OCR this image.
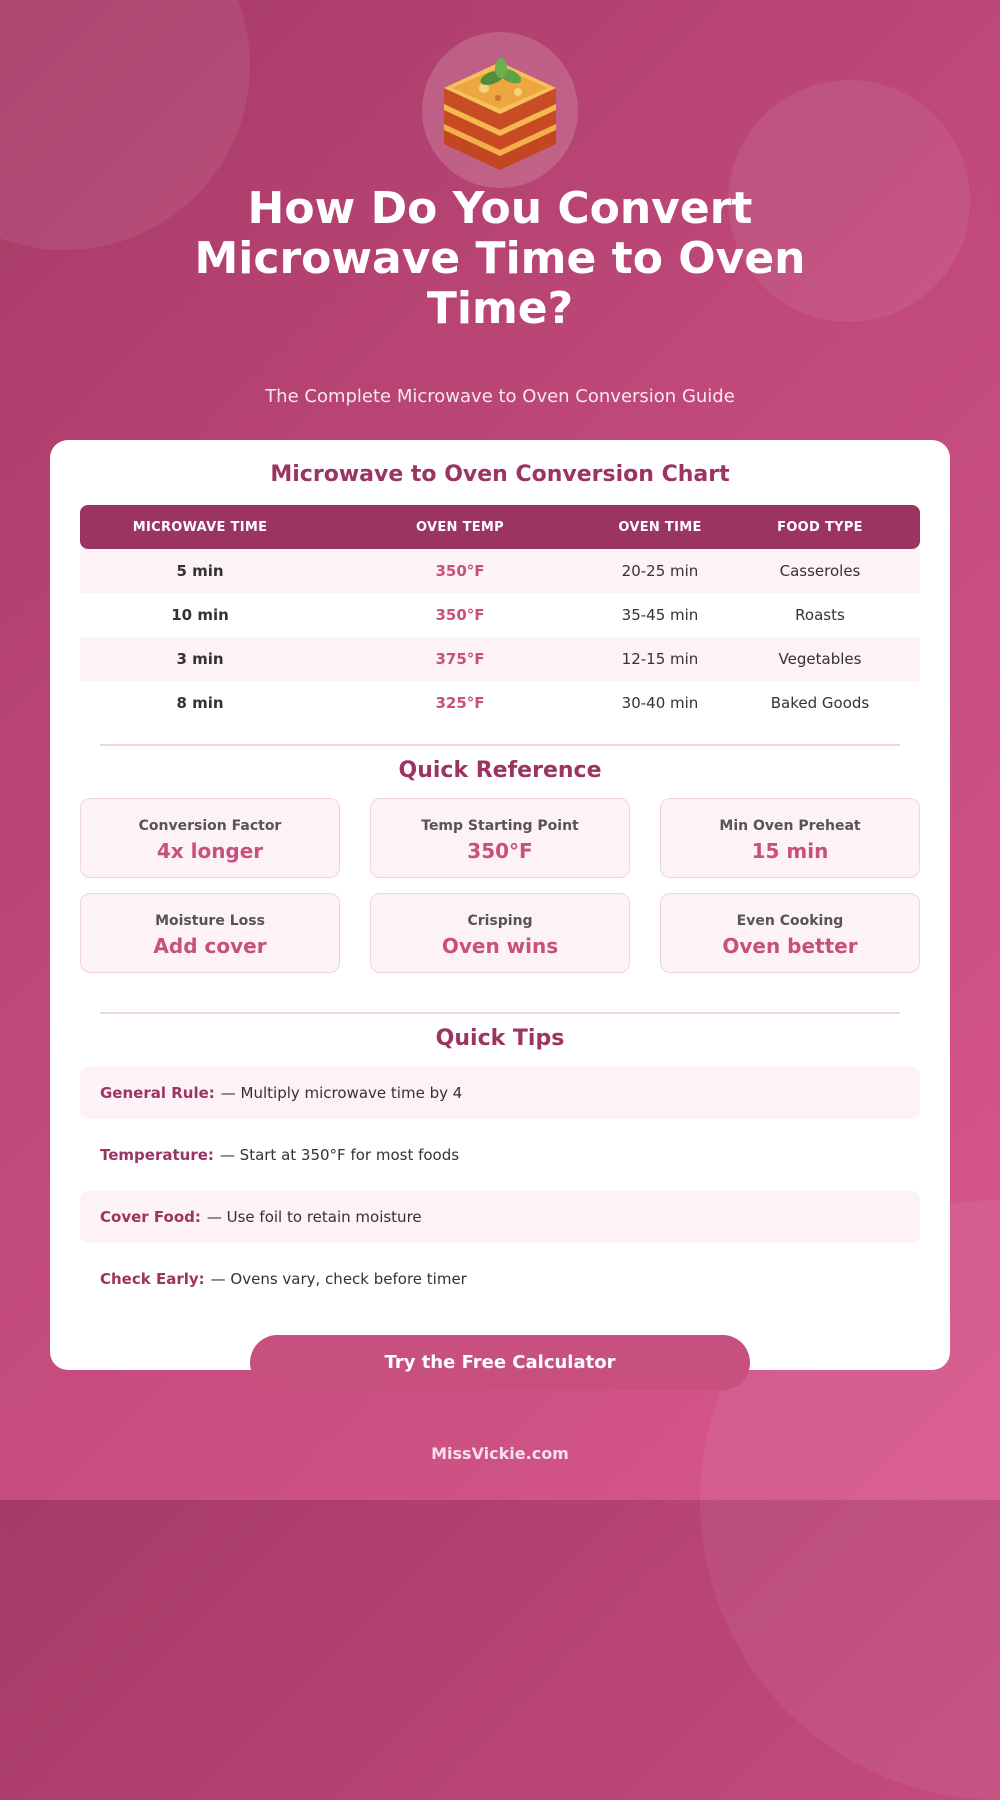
How Do You Convert Microwave Time to Oven Time?
The Complete Microwave to Oven Conversion Guide
Microwave to Oven Conversion Chart
MICROWAVE TIME	OVEN TEMP	OVEN TIME	FOOD TYPE
5 min	350°F	20-25 min	Casseroles
10 min	350°F	35-45 min	Roasts
3 min	375°F	12-15 min	Vegetables
8 min	325°F	30-40 min	Baked Goods
Quick Reference
Conversion Factor
4x longer
Temp Starting Point
350°F
Min Oven Preheat
15 min
Moisture Loss
Add cover
Crisping
Oven wins
Even Cooking
Oven better
Quick Tips
General Rule: — Multiply microwave time by 4
Temperature: — Start at 350°F for most foods
Cover Food: — Use foil to retain moisture
Check Early: — Ovens vary, check before timer
Try the Free Calculator
MissVickie.com
